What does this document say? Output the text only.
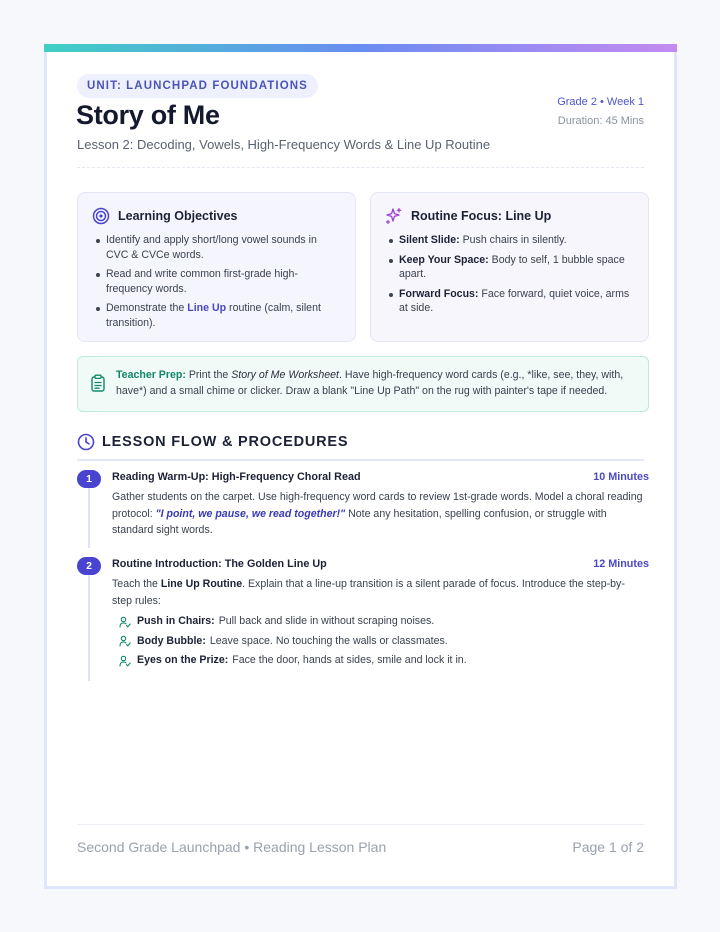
UNIT: LAUNCHPAD FOUNDATIONS
Story of Me
Lesson 2: Decoding, Vowels, High-Frequency Words & Line Up Routine
Grade 2 • Week 1
Duration: 45 Mins
Learning Objectives
Identify and apply short/long vowel sounds in CVC & CVCe words.
Read and write common first-grade high-frequency words.
Demonstrate the Line Up routine (calm, silent transition).
Routine Focus: Line Up
Silent Slide: Push chairs in silently.
Keep Your Space: Body to self, 1 bubble space apart.
Forward Focus: Face forward, quiet voice, arms at side.
Teacher Prep: Print the Story of Me Worksheet. Have high-frequency word cards (e.g., *like, see, they, with, have*) and a small chime or clicker. Draw a blank "Line Up Path" on the rug with painter's tape if needed.
LESSON FLOW & PROCEDURES
1	Reading Warm-Up: High-Frequency Choral Read	10 Minutes
Gather students on the carpet. Use high-frequency word cards to review 1st-grade words. Model a choral reading protocol: "I point, we pause, we read together!" Note any hesitation, spelling confusion, or struggle with standard sight words.
2	Routine Introduction: The Golden Line Up	12 Minutes
Teach the Line Up Routine. Explain that a line-up transition is a silent parade of focus. Introduce the step-by-step rules:
Push in Chairs: Pull back and slide in without scraping noises.
Body Bubble: Leave space. No touching the walls or classmates.
Eyes on the Prize: Face the door, hands at sides, smile and lock it in.
Second Grade Launchpad • Reading Lesson Plan	Page 1 of 2
